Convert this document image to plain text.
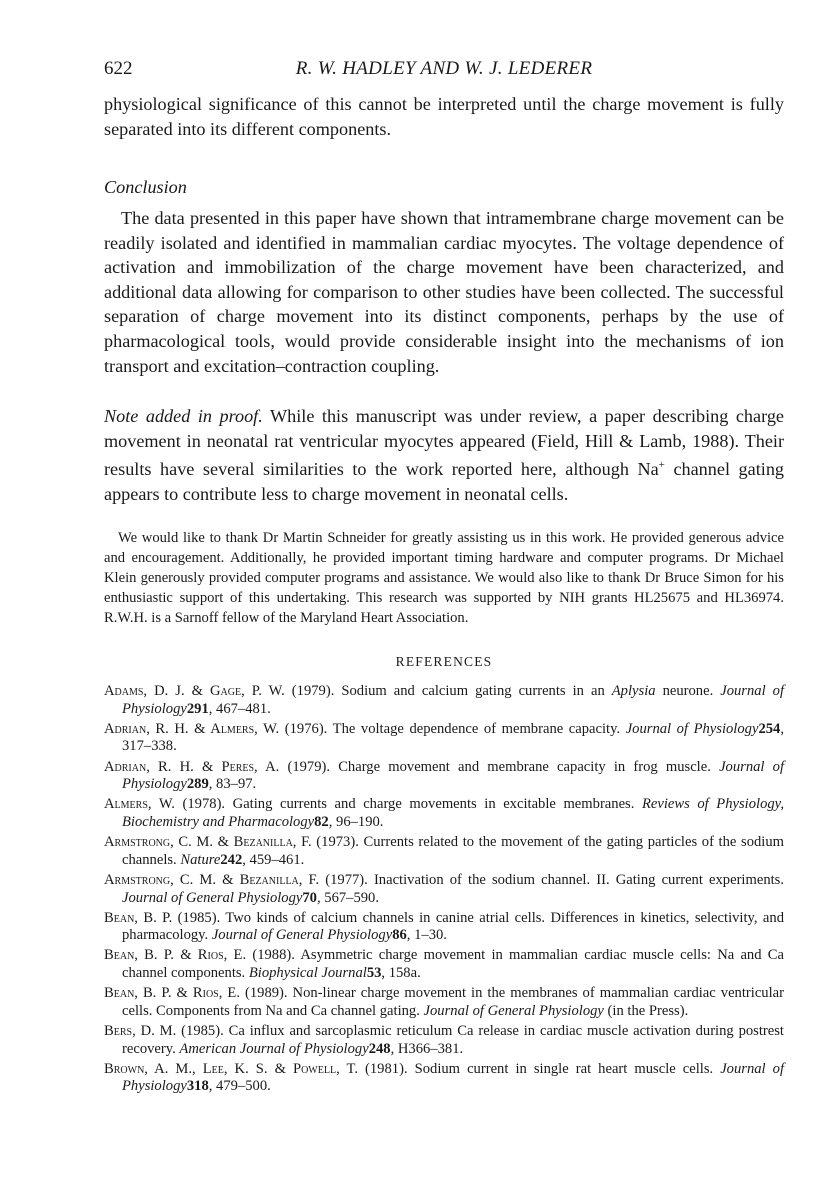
622	R. W. HADLEY AND W. J. LEDERER

physiological significance of this cannot be interpreted until the charge movement is fully separated into its different components.

Conclusion

The data presented in this paper have shown that intramembrane charge movement can be readily isolated and identified in mammalian cardiac myocytes. The voltage dependence of activation and immobilization of the charge movement have been characterized, and additional data allowing for comparison to other studies have been collected. The successful separation of charge movement into its distinct components, perhaps by the use of pharmacological tools, would provide considerable insight into the mechanisms of ion transport and excitation–contraction coupling.

Note added in proof. While this manuscript was under review, a paper describing charge movement in neonatal rat ventricular myocytes appeared (Field, Hill & Lamb, 1988). Their results have several similarities to the work reported here, although Na+ channel gating appears to contribute less to charge movement in neonatal cells.

We would like to thank Dr Martin Schneider for greatly assisting us in this work. He provided generous advice and encouragement. Additionally, he provided important timing hardware and computer programs. Dr Michael Klein generously provided computer programs and assistance. We would also like to thank Dr Bruce Simon for his enthusiastic support of this undertaking. This research was supported by NIH grants HL25675 and HL36974. R.W.H. is a Sarnoff fellow of the Maryland Heart Association.

REFERENCES
Adams, D. J. & Gage, P. W. (1979). Sodium and calcium gating currents in an Aplysia neurone. Journal of Physiology291, 467–481.
Adrian, R. H. & Almers, W. (1976). The voltage dependence of membrane capacity. Journal of Physiology254, 317–338.
Adrian, R. H. & Peres, A. (1979). Charge movement and membrane capacity in frog muscle. Journal of Physiology289, 83–97.
Almers, W. (1978). Gating currents and charge movements in excitable membranes. Reviews of Physiology, Biochemistry and Pharmacology82, 96–190.
Armstrong, C. M. & Bezanilla, F. (1973). Currents related to the movement of the gating particles of the sodium channels. Nature242, 459–461.
Armstrong, C. M. & Bezanilla, F. (1977). Inactivation of the sodium channel. II. Gating current experiments. Journal of General Physiology70, 567–590.
Bean, B. P. (1985). Two kinds of calcium channels in canine atrial cells. Differences in kinetics, selectivity, and pharmacology. Journal of General Physiology86, 1–30.
Bean, B. P. & Rios, E. (1988). Asymmetric charge movement in mammalian cardiac muscle cells: Na and Ca channel components. Biophysical Journal53, 158a.
Bean, B. P. & Rios, E. (1989). Non-linear charge movement in the membranes of mammalian cardiac ventricular cells. Components from Na and Ca channel gating. Journal of General Physiology (in the Press).
Bers, D. M. (1985). Ca influx and sarcoplasmic reticulum Ca release in cardiac muscle activation during postrest recovery. American Journal of Physiology248, H366–381.
Brown, A. M., Lee, K. S. & Powell, T. (1981). Sodium current in single rat heart muscle cells. Journal of Physiology318, 479–500.
